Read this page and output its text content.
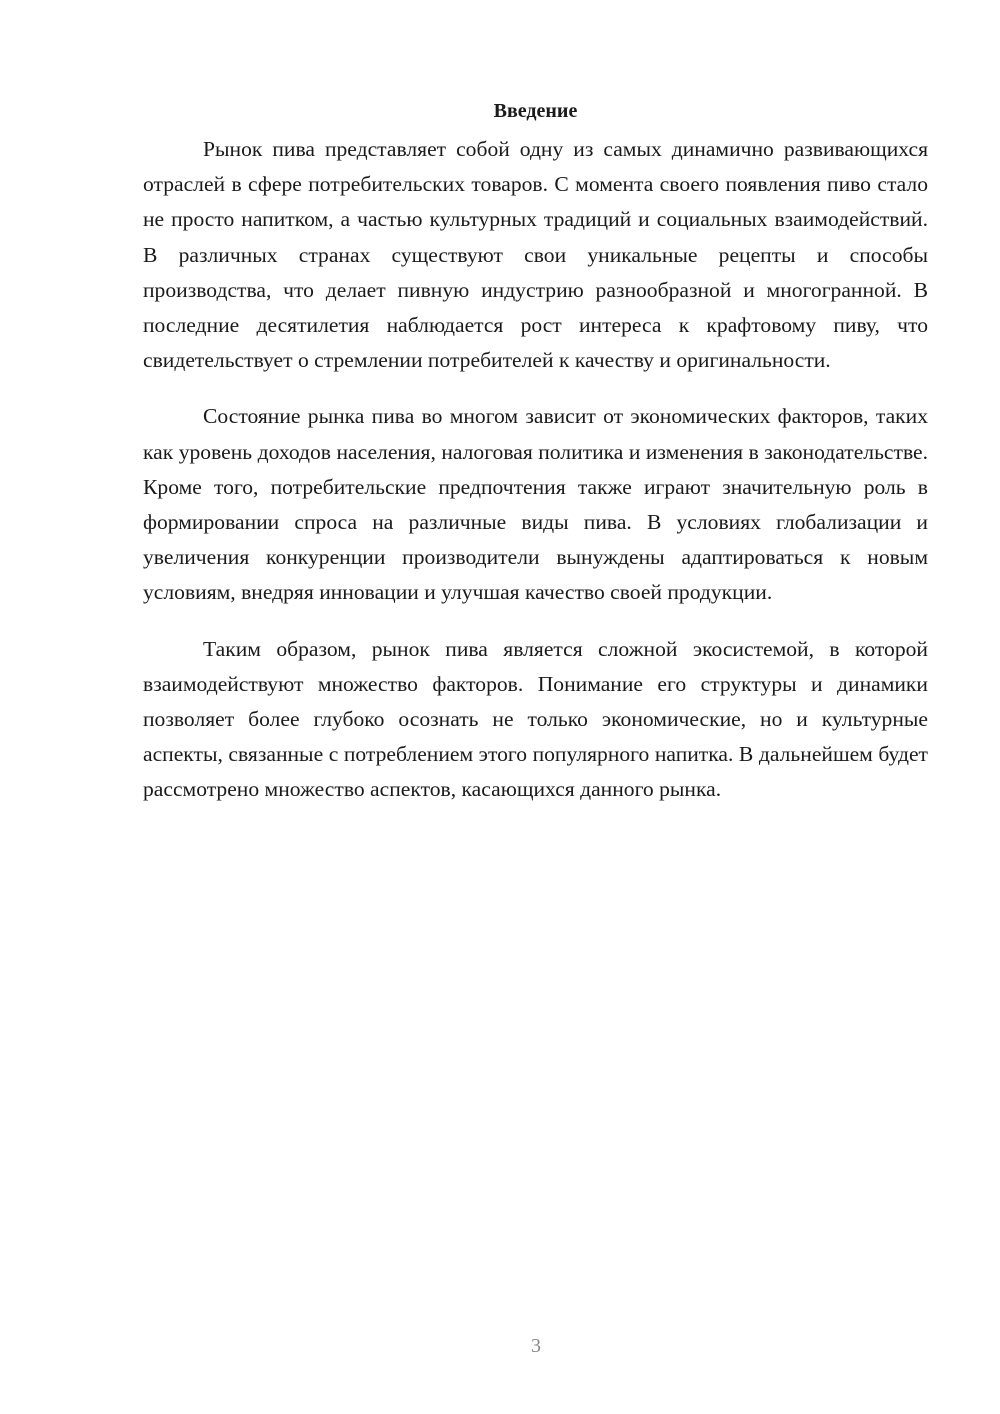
Введение

Рынок пива представляет собой одну из самых динамично развивающихся отраслей в сфере потребительских товаров. С момента своего появления пиво стало не просто напитком, а частью культурных традиций и социальных взаимодействий. В различных странах существуют свои уникальные рецепты и способы производства, что делает пивную индустрию разнообразной и многогранной. В последние десятилетия наблюдается рост интереса к крафтовому пиву, что свидетельствует о стремлении потребителей к качеству и оригинальности.

Состояние рынка пива во многом зависит от экономических факторов, таких как уровень доходов населения, налоговая политика и изменения в законодательстве. Кроме того, потребительские предпочтения также играют значительную роль в формировании спроса на различные виды пива. В условиях глобализации и увеличения конкуренции производители вынуждены адаптироваться к новым условиям, внедряя инновации и улучшая качество своей продукции.

Таким образом, рынок пива является сложной экосистемой, в которой взаимодействуют множество факторов. Понимание его структуры и динамики позволяет более глубоко осознать не только экономические, но и культурные аспекты, связанные с потреблением этого популярного напитка. В дальнейшем будет рассмотрено множество аспектов, касающихся данного рынка.

3
